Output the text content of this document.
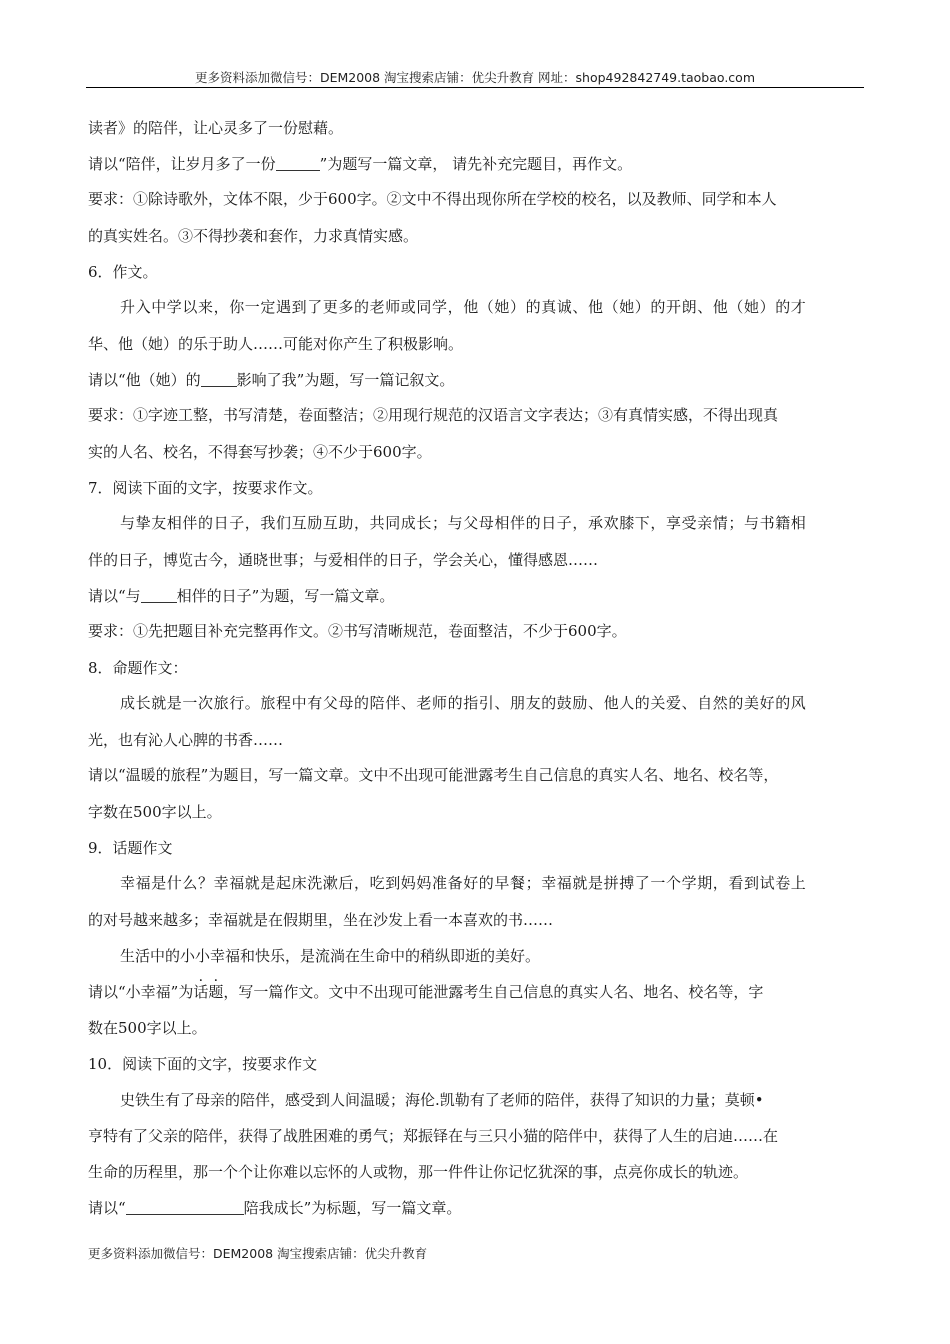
更多资料添加微信号：DEM2008 淘宝搜索店铺：优尖升教育 网址：shop492842749.taobao.com
读者》的陪伴，让心灵多了一份慰藉。
请以“陪伴，让岁月多了一份	”为题写一篇文章， 请先补充完题目，再作文。
要求：①除诗歌外，文体不限，少于600字。②文中不得出现你所在学校的校名，以及教师、同学和本人
的真实姓名。③不得抄袭和套作，力求真情实感。
6．作文。
升入中学以来，你一定遇到了更多的老师或同学，他（她）的真诚、他（她）的开朗、他（她）的才
华、他（她）的乐于助人……可能对你产生了积极影响。
请以“他（她）的 影响了我”为题，写一篇记叙文。
要求：①字迹工整，书写清楚，卷面整洁；②用现行规范的汉语言文字表达；③有真情实感，不得出现真
实的人名、校名，不得套写抄袭；④不少于600字。
7．阅读下面的文字，按要求作文。
与挚友相伴的日子，我们互励互助，共同成长；与父母相伴的日子，承欢膝下，享受亲情；与书籍相
伴的日子，博览古今，通晓世事；与爱相伴的日子，学会关心，懂得感恩……
请以“与 相伴的日子”为题，写一篇文章。
要求：①先把题目补充完整再作文。②书写清晰规范，卷面整洁，不少于600字。
8．命题作文：
成长就是一次旅行。旅程中有父母的陪伴、老师的指引、朋友的鼓励、他人的关爱、自然的美好的风
光，也有沁人心脾的书香……
请以“温暖的旅程”为题目，写一篇文章。文中不出现可能泄露考生自己信息的真实人名、地名、校名等，
字数在500字以上。
9．话题作文
幸福是什么？幸福就是起床洗漱后，吃到妈妈准备好的早餐；幸福就是拼搏了一个学期，看到试卷上
的对号越来越多；幸福就是在假期里，坐在沙发上看一本喜欢的书……
生活中的小小幸福和快乐，是流淌在生命中的稍纵即逝的美好。
请以“小幸福”为话题，写一篇作文。文中不出现可能泄露考生自己信息的真实人名、地名、校名等，字
数在500字以上。
10．阅读下面的文字，按要求作文
史铁生有了母亲的陪伴，感受到人间温暖；海伦.凯勒有了老师的陪伴，获得了知识的力量；莫顿•
亨特有了父亲的陪伴，获得了战胜困难的勇气；郑振铎在与三只小猫的陪伴中，获得了人生的启迪……在
生命的历程里，那一个个让你难以忘怀的人或物，那一件件让你记忆犹深的事，点亮你成长的轨迹。
请以“	陪我成长”为标题，写一篇文章。
更多资料添加微信号：DEM2008 淘宝搜索店铺：优尖升教育
